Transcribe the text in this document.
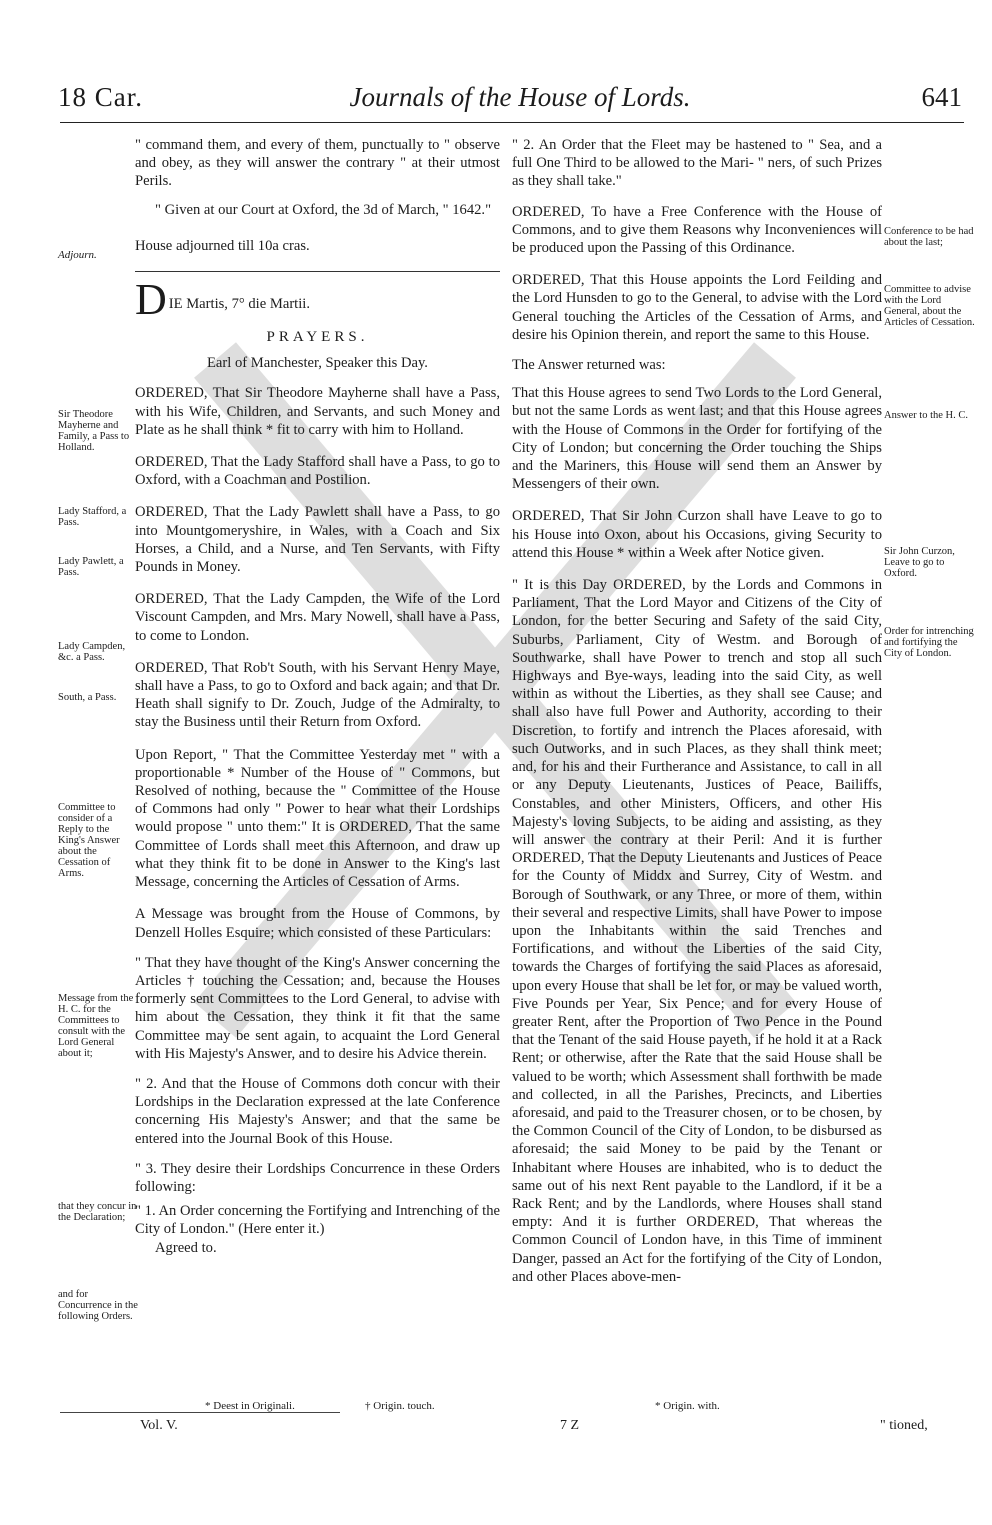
18 Car.	Journals of the House of Lords.	641
Adjourn.
Sir Theodore Mayherne and Family, a Pass to Holland.
Lady Stafford, a Pass.
Lady Pawlett, a Pass.
Lady Campden, &c. a Pass.
South, a Pass.
Committee to consider of a Reply to the King's Answer about the Cessation of Arms.
Message from the H. C. for the Committees to consult with the Lord General about it;
that they concur in the Declaration;
and for Concurrence in the following Orders.

" command them, and every of them, punctually to " observe and obey, as they will answer the contrary " at their utmost Perils.

" Given at our Court at Oxford, the 3d of March, " 1642."

House adjourned till 10a cras.

D IE Martis, 7° die Martii.

PRAYERS.

Earl of Manchester, Speaker this Day.

ORDERED, That Sir Theodore Mayherne shall have a Pass, with his Wife, Children, and Servants, and such Money and Plate as he shall think * fit to carry with him to Holland.

ORDERED, That the Lady Stafford shall have a Pass, to go to Oxford, with a Coachman and Postilion.

ORDERED, That the Lady Pawlett shall have a Pass, to go into Mountgomeryshire, in Wales, with a Coach and Six Horses, a Child, and a Nurse, and Ten Servants, with Fifty Pounds in Money.

ORDERED, That the Lady Campden, the Wife of the Lord Viscount Campden, and Mrs. Mary Nowell, shall have a Pass, to come to London.

ORDERED, That Rob't South, with his Servant Henry Maye, shall have a Pass, to go to Oxford and back again; and that Dr. Heath shall signify to Dr. Zouch, Judge of the Admiralty, to stay the Business until their Return from Oxford.

Upon Report, " That the Committee Yesterday met " with a proportionable * Number of the House of " Commons, but Resolved of nothing, because the " Committee of the House of Commons had only " Power to hear what their Lordships would propose " unto them:" It is ORDERED, That the same Committee of Lords shall meet this Afternoon, and draw up what they think fit to be done in Answer to the King's last Message, concerning the Articles of Cessation of Arms.

A Message was brought from the House of Commons, by Denzell Holles Esquire; which consisted of these Particulars:

" That they have thought of the King's Answer concerning the Articles † touching the Cessation; and, because the Houses formerly sent Committees to the Lord General, to advise with him about the Cessation, they think it fit that the same Committee may be sent again, to acquaint the Lord General with His Majesty's Answer, and to desire his Advice therein.

" 2. And that the House of Commons doth concur with their Lordships in the Declaration expressed at the late Conference concerning His Majesty's Answer; and that the same be entered into the Journal Book of this House.

" 3. They desire their Lordships Concurrence in these Orders following:

" 1. An Order concerning the Fortifying and Intrenching of the City of London." (Here enter it.)

Agreed to.

" 2. An Order that the Fleet may be hastened to " Sea, and a full One Third to be allowed to the Mari- " ners, of such Prizes as they shall take."

ORDERED, To have a Free Conference with the House of Commons, and to give them Reasons why Inconveniences will be produced upon the Passing of this Ordinance.

ORDERED, That this House appoints the Lord Feilding and the Lord Hunsden to go to the General, to advise with the Lord General touching the Articles of the Cessation of Arms, and desire his Opinion therein, and report the same to this House.

The Answer returned was:

That this House agrees to send Two Lords to the Lord General, but not the same Lords as went last; and that this House agrees with the House of Commons in the Order for fortifying of the City of London; but concerning the Order touching the Ships and the Mariners, this House will send them an Answer by Messengers of their own.

ORDERED, That Sir John Curzon shall have Leave to go to his House into Oxon, about his Occasions, giving Security to attend this House * within a Week after Notice given.

" It is this Day ORDERED, by the Lords and Commons in Parliament, That the Lord Mayor and Citizens of the City of London, for the better Securing and Safety of the said City, Suburbs, Parliament, City of Westm. and Borough of Southwarke, shall have Power to trench and stop all such Highways and Bye-ways, leading into the said City, as well within as without the Liberties, as they shall see Cause; and shall also have full Power and Authority, according to their Discretion, to fortify and intrench the Places aforesaid, with such Outworks, and in such Places, as they shall think meet; and, for his and their Furtherance and Assistance, to call in all or any Deputy Lieutenants, Justices of Peace, Bailiffs, Constables, and other Ministers, Officers, and other His Majesty's loving Subjects, to be aiding and assisting, as they will answer the contrary at their Peril: And it is further ORDERED, That the Deputy Lieutenants and Justices of Peace for the County of Middx and Surrey, City of Westm. and Borough of Southwark, or any Three, or more of them, within their several and respective Limits, shall have Power to impose upon the Inhabitants within the said Trenches and Fortifications, and without the Liberties of the said City, towards the Charges of fortifying the said Places as aforesaid, upon every House that shall be let for, or may be valued worth, Five Pounds per Year, Six Pence; and for every House of greater Rent, after the Proportion of Two Pence in the Pound that the Tenant of the said House payeth, if he hold it at a Rack Rent; or otherwise, after the Rate that the said House shall be valued to be worth; which Assessment shall forthwith be made and collected, in all the Parishes, Precincts, and Liberties aforesaid, and paid to the Treasurer chosen, or to be chosen, by the Common Council of the City of London, to be disbursed as aforesaid; the said Money to be paid by the Tenant or Inhabitant where Houses are inhabited, who is to deduct the same out of his next Rent payable to the Landlord, if it be a Rack Rent; and by the Landlords, where Houses shall stand empty: And it is further ORDERED, That whereas the Common Council of London have, in this Time of imminent Danger, passed an Act for the fortifying of the City of London, and other Places above-men-

Conference to be had about the last;
Committee to advise with the Lord General, about the Articles of Cessation.
Answer to the H. C.
Sir John Curzon, Leave to go to Oxford.
Order for intrenching and fortifying the City of London.
* Deest in Originali.	† Origin. touch.	* Origin. with.
Vol. V.	7 Z	" tioned,
